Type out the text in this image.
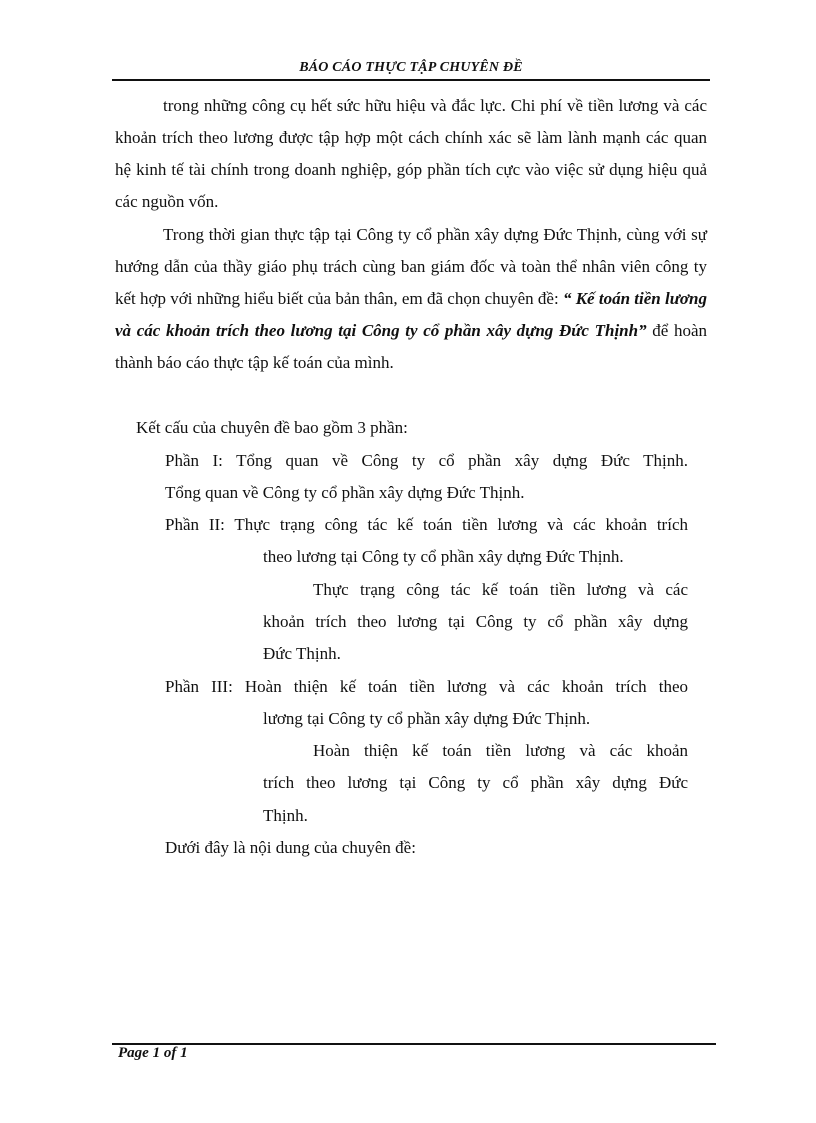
BÁO CÁO THỰC TẬP CHUYÊN ĐỀ

trong những công cụ hết sức hữu hiệu và đắc lực. Chi phí về tiền lương và các khoản trích theo lương được tập hợp một cách chính xác sẽ làm lành mạnh các quan hệ kinh tế tài chính trong doanh nghiệp, góp phần tích cực vào việc sử dụng hiệu quả các nguồn vốn.

Trong thời gian thực tập tại Công ty cổ phần xây dựng Đức Thịnh, cùng với sự hướng dẫn của thầy giáo phụ trách cùng ban giám đốc và toàn thể nhân viên công ty kết hợp với những hiểu biết của bản thân, em đã chọn chuyên đề: “ Kế toán tiền lương và các khoản trích theo lương tại Công ty cổ phần xây dựng Đức Thịnh” để hoàn thành báo cáo thực tập kế toán của mình.

Kết cấu của chuyên đề bao gồm 3 phần:
Phần I: Tổng quan về Công ty cổ phần xây dựng Đức Thịnh.
Tổng quan về Công ty cổ phần xây dựng Đức Thịnh.
Phần II: Thực trạng công tác kế toán tiền lương và các khoản trích
theo lương tại Công ty cổ phần xây dựng Đức Thịnh.
Thực trạng công tác kế toán tiền lương và các
khoản trích theo lương tại Công ty cổ phần xây dựng
Đức Thịnh.
Phần III: Hoàn thiện kế toán tiền lương và các khoản trích theo
lương tại Công ty cổ phần xây dựng Đức Thịnh.
Hoàn thiện kế toán tiền lương và các khoản
trích theo lương tại Công ty cổ phần xây dựng Đức
Thịnh.
Dưới đây là nội dung của chuyên đề:
Page 1 of 1
